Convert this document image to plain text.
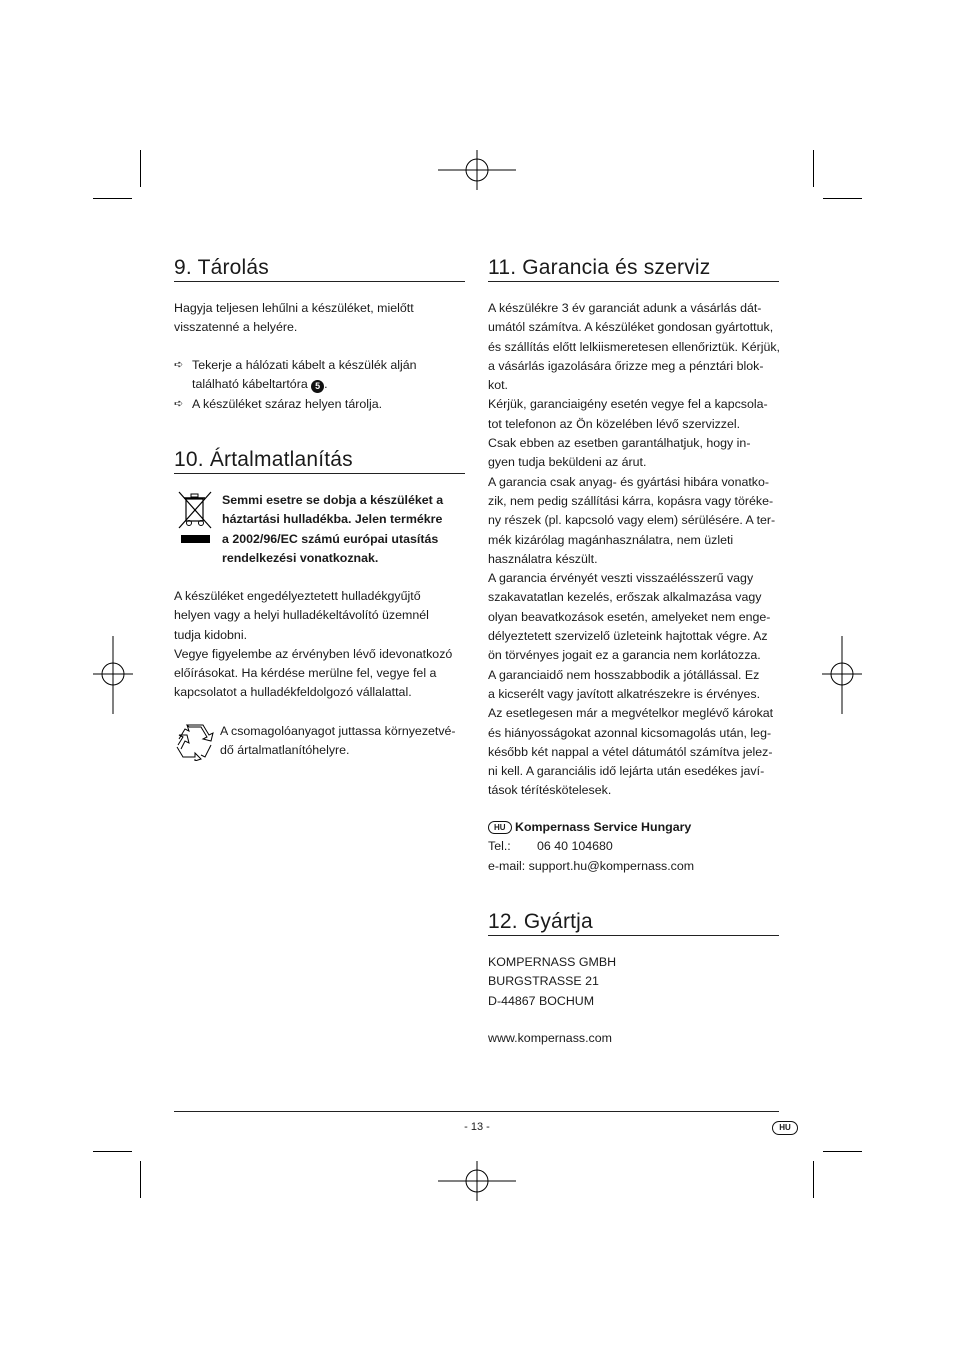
9. Tárolás
Hagyja teljesen lehűlni a készüléket, mielőtt
visszatenné a helyére.
➪ Tekerje a hálózati kábelt a készülék alján
található kábeltartóra 5 .
➪ A készüléket száraz helyen tárolja.
10. Ártalmatlanítás
Semmi esetre se dobja a készüléket a
háztartási hulladékba. Jelen termékre
a 2002/96/EC számú európai utasítás
rendelkezési vonatkoznak.
A készüléket engedélyeztetett hulladékgyűjtő
helyen vagy a helyi hulladékeltávolító üzemnél
tudja kidobni.
Vegye figyelembe az érvényben lévő idevonatkozó
előírásokat. Ha kérdése merülne fel, vegye fel a
kapcsolatot a hulladékfeldolgozó vállalattal.
A csomagolóanyagot juttassa környezetvé-
dő ártalmatlanítóhelyre.
11. Garancia és szerviz
A készülékre 3 év garanciát adunk a vásárlás dát-
umától számítva. A készüléket gondosan gyártottuk,
és szállítás előtt lelkiismeretesen ellenőriztük. Kérjük,
a vásárlás igazolására őrizze meg a pénztári blok-
kot.
Kérjük, garanciaigény esetén vegye fel a kapcsola-
tot telefonon az Ön közelében lévő szervizzel.
Csak ebben az esetben garantálhatjuk, hogy in-
gyen tudja beküldeni az árut.
A garancia csak anyag- és gyártási hibára vonatko-
zik, nem pedig szállítási kárra, kopásra vagy töréke-
ny részek (pl. kapcsoló vagy elem) sérülésére. A ter-
mék kizárólag magánhasználatra, nem üzleti
használatra készült.
A garancia érvényét veszti visszaélésszerű vagy
szakavatatlan kezelés, erőszak alkalmazása vagy
olyan beavatkozások esetén, amelyeket nem enge-
délyeztetett szervizelő üzleteink hajtottak végre. Az
ön törvényes jogait ez a garancia nem korlátozza.
A garanciaidő nem hosszabbodik a jótállással. Ez
a kicserélt vagy javított alkatrészekre is érvényes.
Az esetlegesen már a megvételkor meglévő károkat
és hiányosságokat azonnal kicsomagolás után, leg-
később két nappal a vétel dátumától számítva jelez-
ni kell. A garanciális idő lejárta után esedékes javí-
tások térítéskötelesek.
HU Kompernass Service Hungary
Tel.: 06 40 104680
e-mail: support.hu@kompernass.com
12. Gyártja
KOMPERNASS GMBH
BURGSTRASSE 21
D-44867 BOCHUM
www.kompernass.com
- 13 -	HU
